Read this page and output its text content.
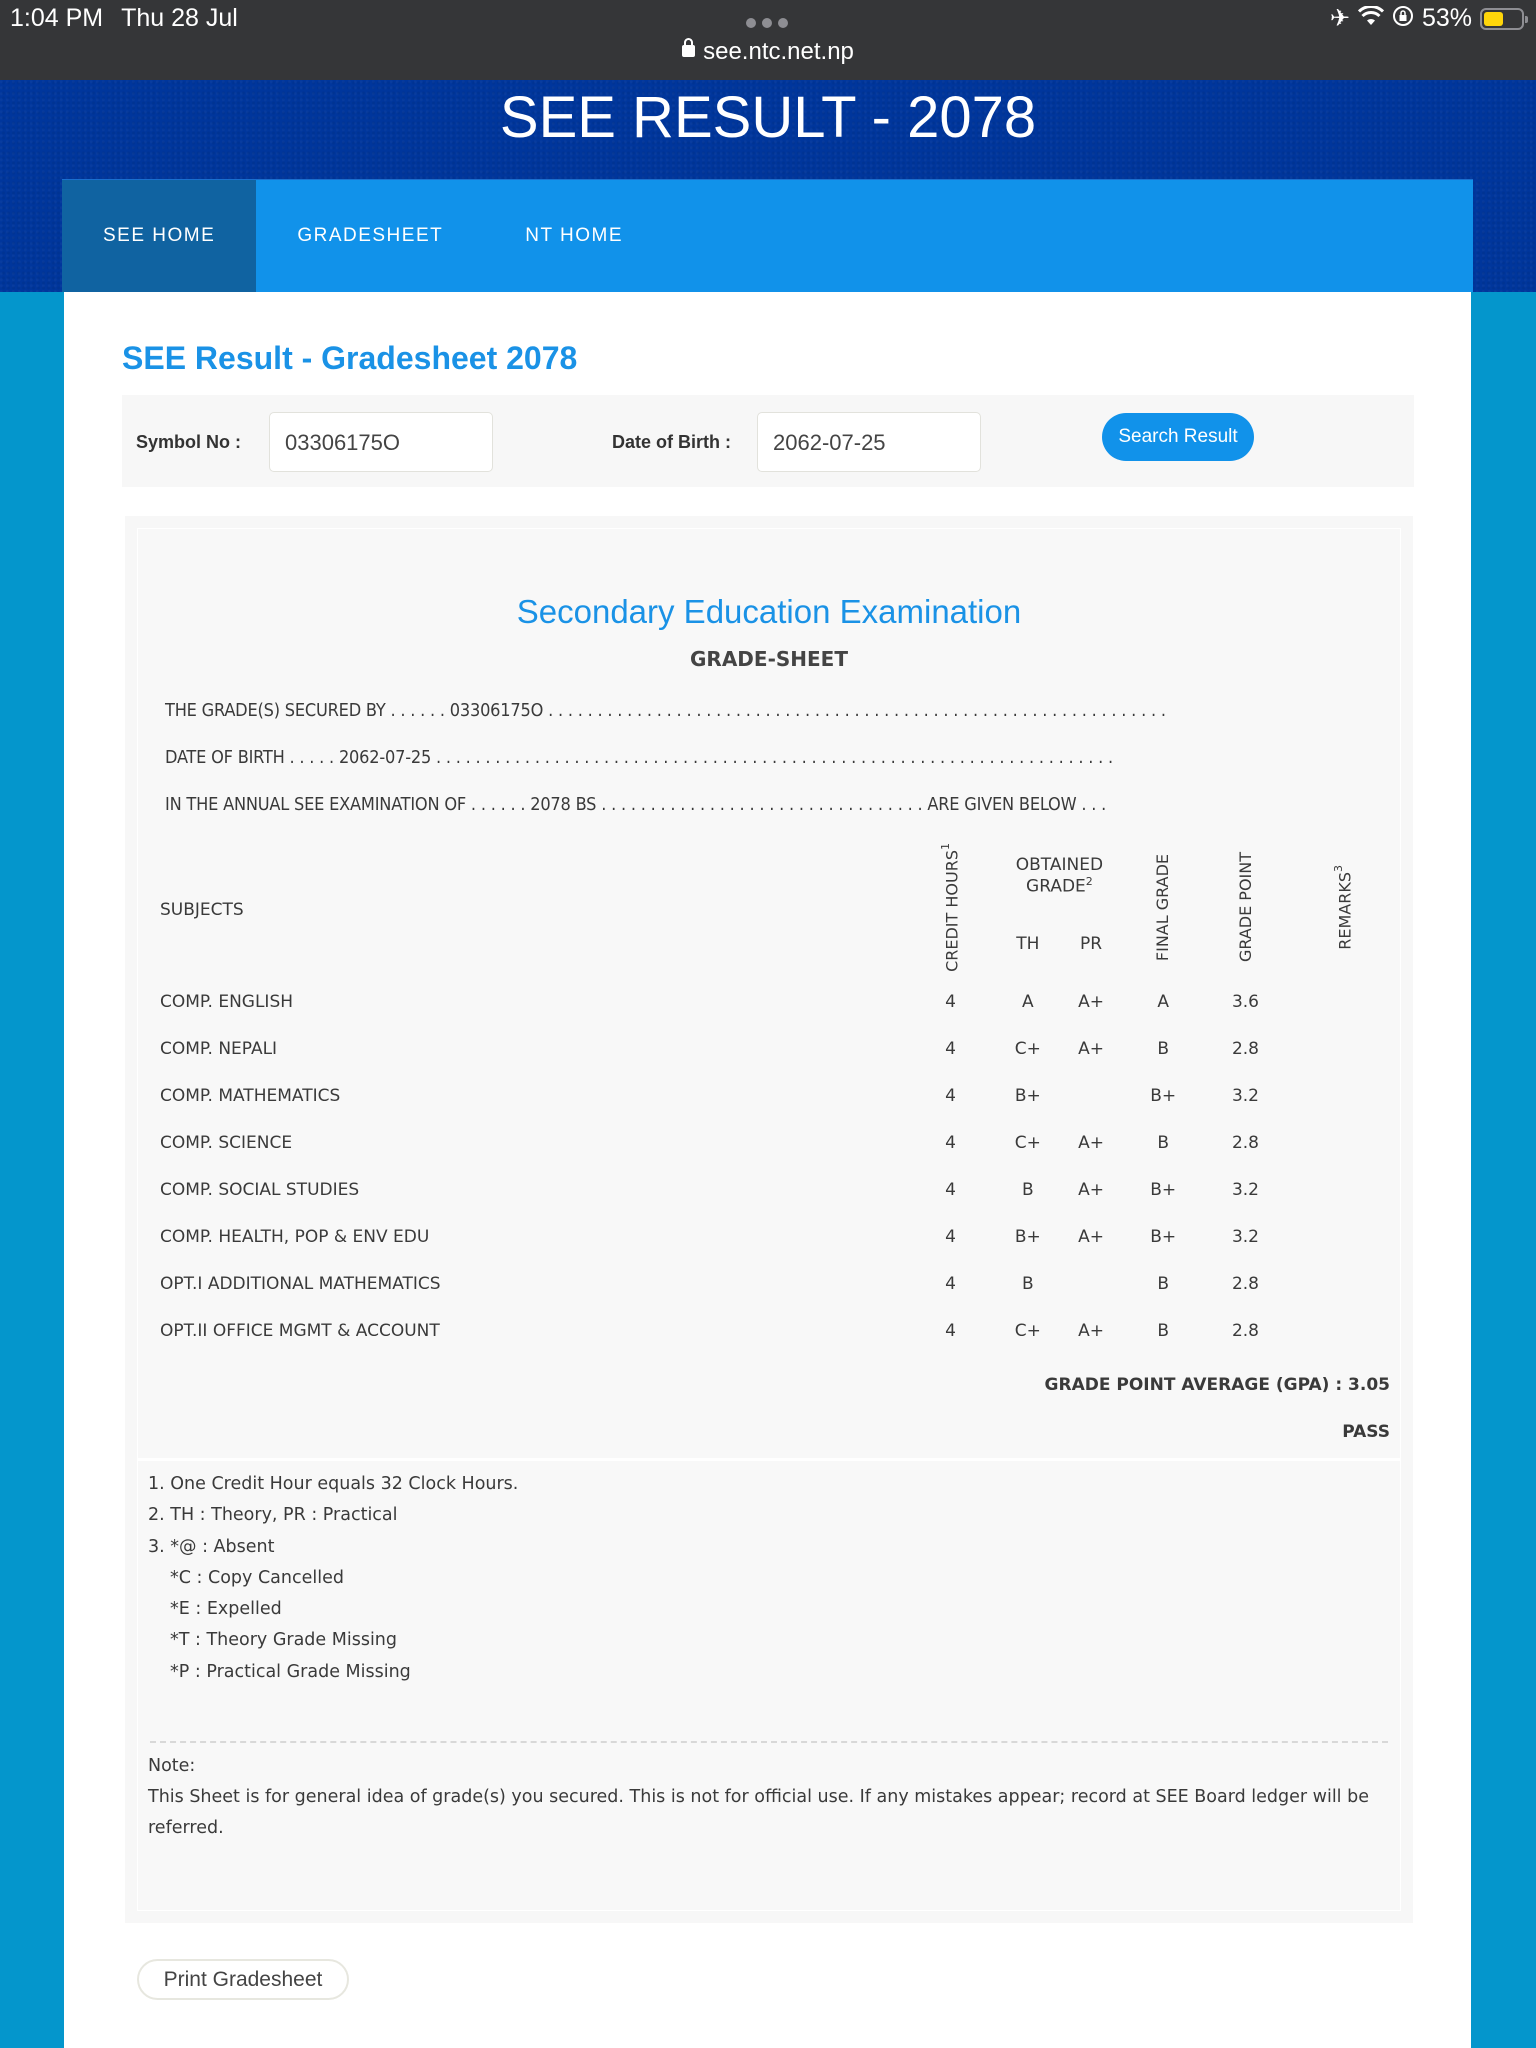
1:04 PM Thu 28 Jul
see.ntc.net.np
✈	53%
SEE RESULT - 2078
SEE HOME	GRADESHEET	NT HOME
SEE Result - Gradesheet 2078
Symbol No :	03306175O	Date of Birth :	2062-07-25	Search Result
Secondary Education Examination
GRADE-SHEET
THE GRADE(S) SECURED BY . . . . . . 03306175O . . . . . . . . . . . . . . . . . . . . . . . . . . . . . . . . . . . . . . . . . . . . . . . . . . . . . . . . . . . . . . .
DATE OF BIRTH . . . . . 2062-07-25 . . . . . . . . . . . . . . . . . . . . . . . . . . . . . . . . . . . . . . . . . . . . . . . . . . . . . . . . . . . . . . . . . . . . .
IN THE ANNUAL SEE EXAMINATION OF . . . . . . 2078 BS . . . . . . . . . . . . . . . . . . . . . . . . . . . . . . . . . ARE GIVEN BELOW . . .
SUBJECTS	CREDIT HOURS$^1$	OBTAINED GRADE$^2$		FINAL GRADE	GRADE POINT	REMARKS$^3$
		TH	PR			
COMP. ENGLISH	4	A	A+	A	3.6	
COMP. NEPALI	4	C+	A+	B	2.8	
COMP. MATHEMATICS	4	B+		B+	3.2	
COMP. SCIENCE	4	C+	A+	B	2.8	
COMP. SOCIAL STUDIES	4	B	A+	B+	3.2	
COMP. HEALTH, POP & ENV EDU	4	B+	A+	B+	3.2	
OPT.I ADDITIONAL MATHEMATICS	4	B		B	2.8	
OPT.II OFFICE MGMT & ACCOUNT	4	C+	A+	B	2.8	
GRADE POINT AVERAGE (GPA) : 3.05
PASS
1. One Credit Hour equals 32 Clock Hours.
2. TH : Theory, PR : Practical
3. *@ : Absent
*C : Copy Cancelled
*E : Expelled
*T : Theory Grade Missing
*P : Practical Grade Missing
Note:
This Sheet is for general idea of grade(s) you secured. This is not for official use. If any mistakes appear; record at SEE Board ledger will be referred.
Print Gradesheet
